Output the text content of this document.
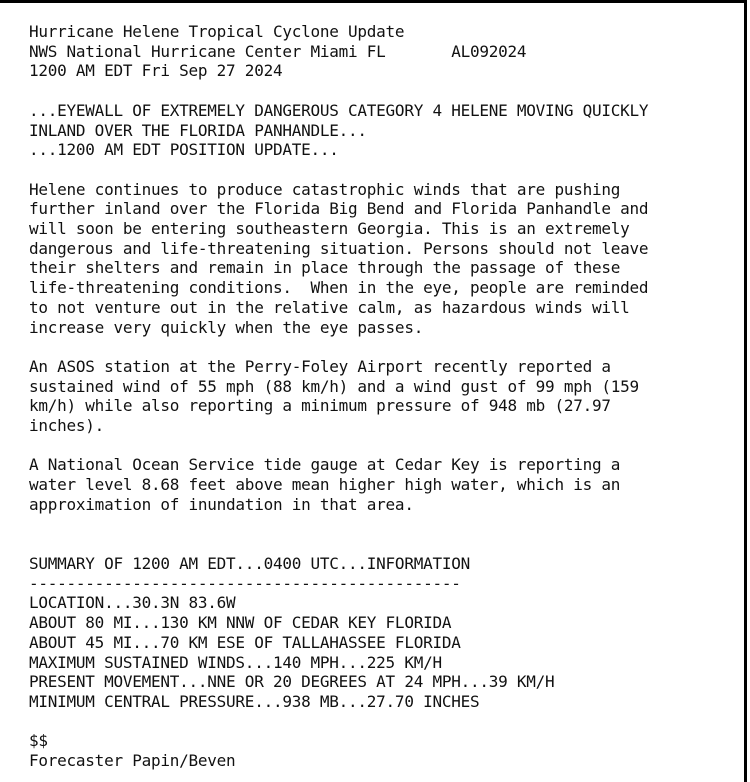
Hurricane Helene Tropical Cyclone Update
NWS National Hurricane Center Miami FL	AL092024
1200 AM EDT Fri Sep 27 2024

...EYEWALL OF EXTREMELY DANGEROUS CATEGORY 4 HELENE MOVING QUICKLY
INLAND OVER THE FLORIDA PANHANDLE...
...1200 AM EDT POSITION UPDATE...

Helene continues to produce catastrophic winds that are pushing
further inland over the Florida Big Bend and Florida Panhandle and
will soon be entering southeastern Georgia. This is an extremely
dangerous and life-threatening situation. Persons should not leave
their shelters and remain in place through the passage of these
life-threatening conditions.  When in the eye, people are reminded
to not venture out in the relative calm, as hazardous winds will
increase very quickly when the eye passes.

An ASOS station at the Perry-Foley Airport recently reported a
sustained wind of 55 mph (88 km/h) and a wind gust of 99 mph (159
km/h) while also reporting a minimum pressure of 948 mb (27.97
inches).

A National Ocean Service tide gauge at Cedar Key is reporting a
water level 8.68 feet above mean higher high water, which is an
approximation of inundation in that area.

SUMMARY OF 1200 AM EDT...0400 UTC...INFORMATION
----------------------------------------------
LOCATION...30.3N 83.6W
ABOUT 80 MI...130 KM NNW OF CEDAR KEY FLORIDA
ABOUT 45 MI...70 KM ESE OF TALLAHASSEE FLORIDA
MAXIMUM SUSTAINED WINDS...140 MPH...225 KM/H
PRESENT MOVEMENT...NNE OR 20 DEGREES AT 24 MPH...39 KM/H
MINIMUM CENTRAL PRESSURE...938 MB...27.70 INCHES

$$
Forecaster Papin/Beven
